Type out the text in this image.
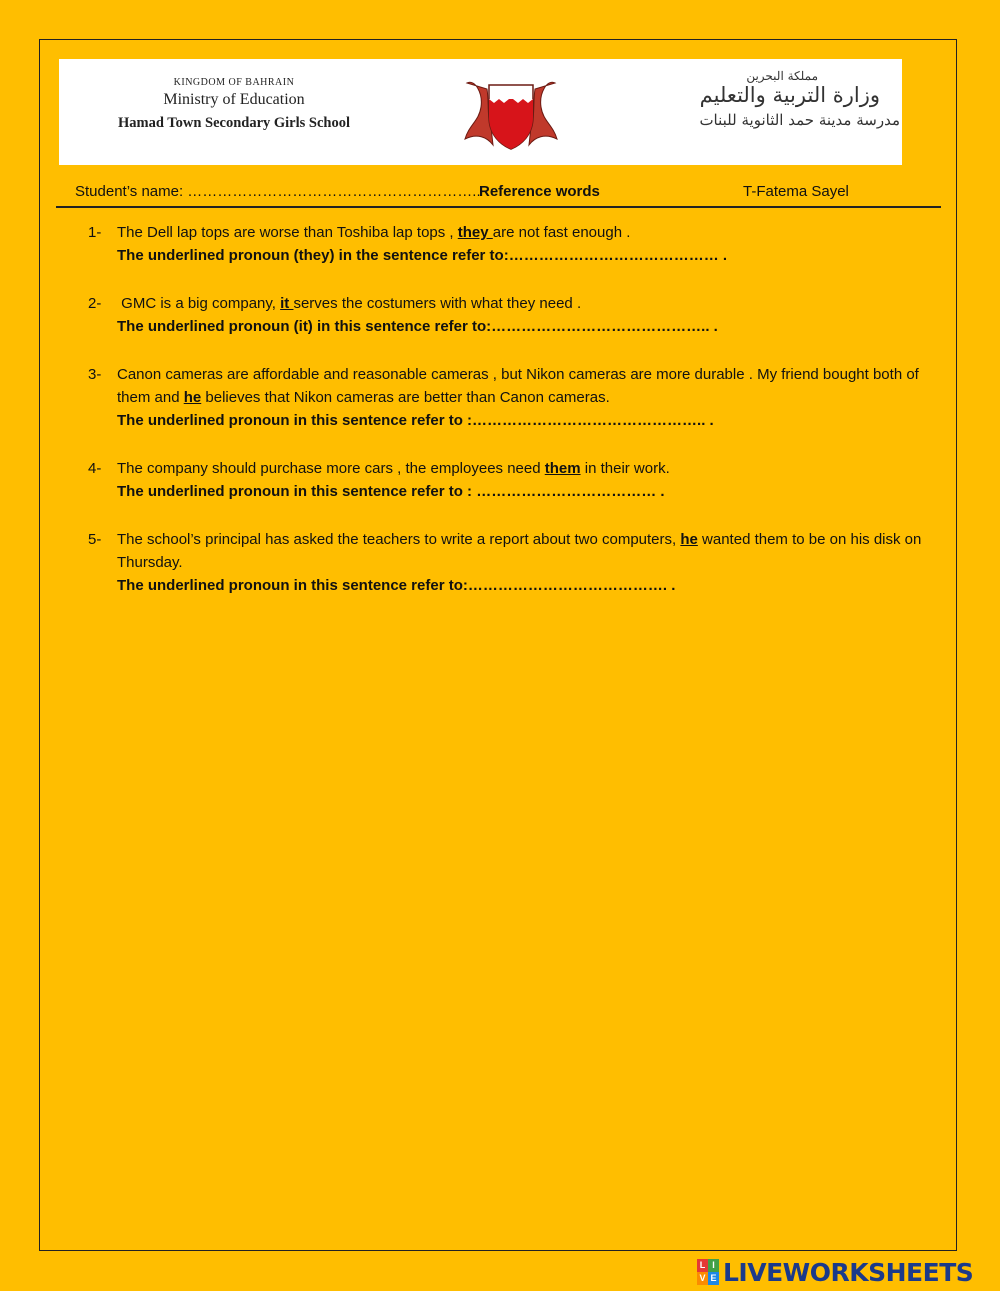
KINGDOM OF BAHRAIN
Ministry of Education
Hamad Town Secondary Girls School
مملكة البحرين
وزارة التربية والتعليم
مدرسة مدينة حمد الثانوية للبنات
Student’s name: …………………………………………………..
Reference words	T-Fatema Sayel
1- The Dell lap tops are worse than Toshiba lap tops , they are not fast enough .
The underlined pronoun (they) in the sentence refer to:…………………………………… .
2- GMC is a big company, it serves the costumers with what they need .
The underlined pronoun (it) in this sentence refer to:…………………………………….. .
3- Canon cameras are affordable and reasonable cameras , but Nikon cameras are more durable . My friend bought both of them and he believes that Nikon cameras are better than Canon cameras.
The underlined pronoun in this sentence refer to :……………………………………….. .
4- The company should purchase more cars , the employees need them in their work.
The underlined pronoun in this sentence refer to : ……………………………… .
5- The school’s principal has asked the teachers to write a report about two computers, he wanted them to be on his disk on Thursday.
The underlined pronoun in this sentence refer to:…………………………………. .
L I
V E LIVEWORKSHEETS
